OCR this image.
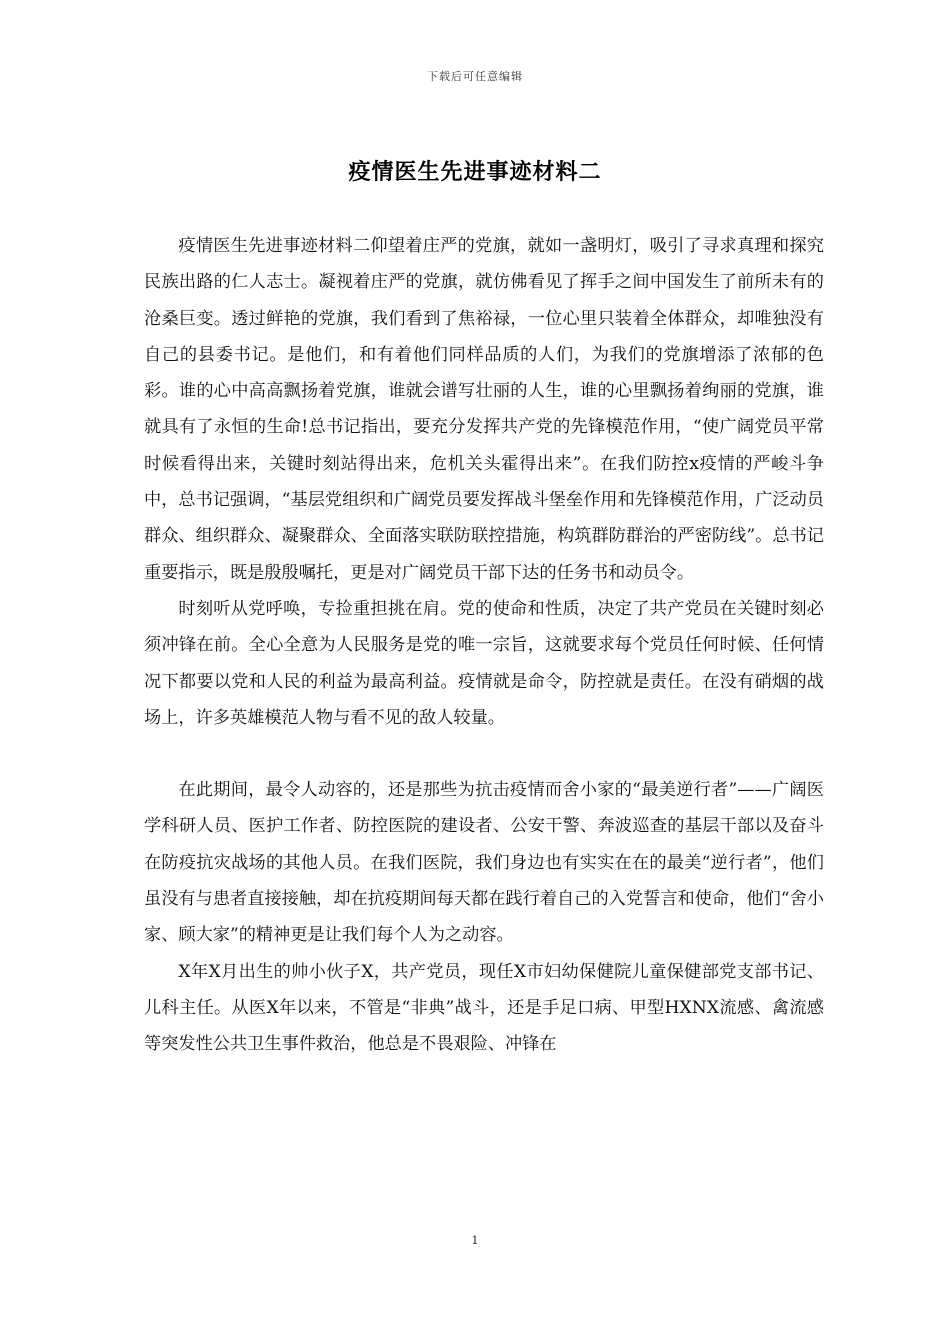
下载后可任意编辑
疫情医生先进事迹材料二

疫情医生先进事迹材料二仰望着庄严的党旗，就如一盏明灯，吸引了寻求真理和探究民族出路的仁人志士。凝视着庄严的党旗，就仿佛看见了挥手之间中国发生了前所未有的沧桑巨变。透过鲜艳的党旗，我们看到了焦裕禄，一位心里只装着全体群众，却唯独没有自己的县委书记。是他们，和有着他们同样品质的人们，为我们的党旗增添了浓郁的色彩。谁的心中高高飘扬着党旗，谁就会谱写壮丽的人生，谁的心里飘扬着绚丽的党旗，谁就具有了永恒的生命!总书记指出，要充分发挥共产党的先锋模范作用，“使广阔党员平常时候看得出来，关键时刻站得出来，危机关头霍得出来”。在我们防控x疫情的严峻斗争中，总书记强调，“基层党组织和广阔党员要发挥战斗堡垒作用和先锋模范作用，广泛动员群众、组织群众、凝聚群众、全面落实联防联控措施，构筑群防群治的严密防线”。总书记重要指示，既是殷殷嘱托，更是对广阔党员干部下达的任务书和动员令。

时刻听从党呼唤，专捡重担挑在肩。党的使命和性质，决定了共产党员在关键时刻必须冲锋在前。全心全意为人民服务是党的唯一宗旨，这就要求每个党员任何时候、任何情况下都要以党和人民的利益为最高利益。疫情就是命令，防控就是责任。在没有硝烟的战场上，许多英雄模范人物与看不见的敌人较量。

在此期间，最令人动容的，还是那些为抗击疫情而舍小家的“最美逆行者”——广阔医学科研人员、医护工作者、防控医院的建设者、公安干警、奔波巡查的基层干部以及奋斗在防疫抗灾战场的其他人员。在我们医院，我们身边也有实实在在的最美“逆行者”，他们虽没有与患者直接接触，却在抗疫期间每天都在践行着自己的入党誓言和使命，他们“舍小家、顾大家”的精神更是让我们每个人为之动容。

X年X月出生的帅小伙子X，共产党员，现任X市妇幼保健院儿童保健部党支部书记、儿科主任。从医X年以来，不管是“非典”战斗，还是手足口病、甲型HXNX流感、禽流感等突发性公共卫生事件救治，他总是不畏艰险、冲锋在

1
